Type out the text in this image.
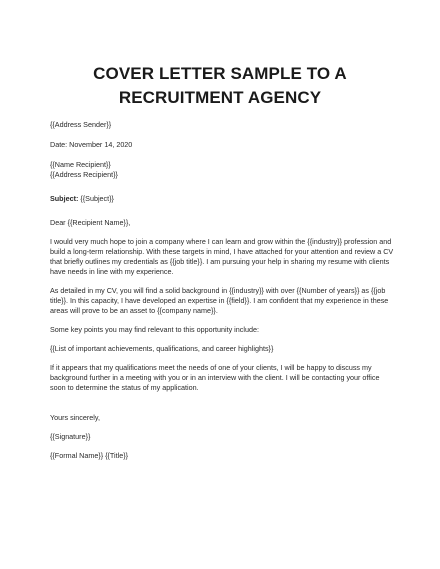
COVER LETTER SAMPLE TO A
RECRUITMENT AGENCY

{{Address Sender}}

Date: November 14, 2020

{{Name Recipient}}

{{Address Recipient}}

Subject: {{Subject}}

Dear {{Recipient Name}},

I would very much hope to join a company where I can learn and grow within the {{industry}} profession and build a long-term relationship. With these targets in mind, I have attached for your attention and review a CV that briefly outlines my credentials as {{job title}}. I am pursuing your help in sharing my resume with clients have needs in line with my experience.

As detailed in my CV, you will find a solid background in {{industry}} with over {{Number of years}} as {{job title}}. In this capacity, I have developed an expertise in {{field}}. I am confident that my experience in these areas will prove to be an asset to {{company name}}.

Some key points you may find relevant to this opportunity include:

{{List of important achievements, qualifications, and career highlights}}

If it appears that my qualifications meet the needs of one of your clients, I will be happy to discuss my background further in a meeting with you or in an interview with the client. I will be contacting your office soon to determine the status of my application.

Yours sincerely,

{{Signature}}

{{Formal Name}} {{Title}}
